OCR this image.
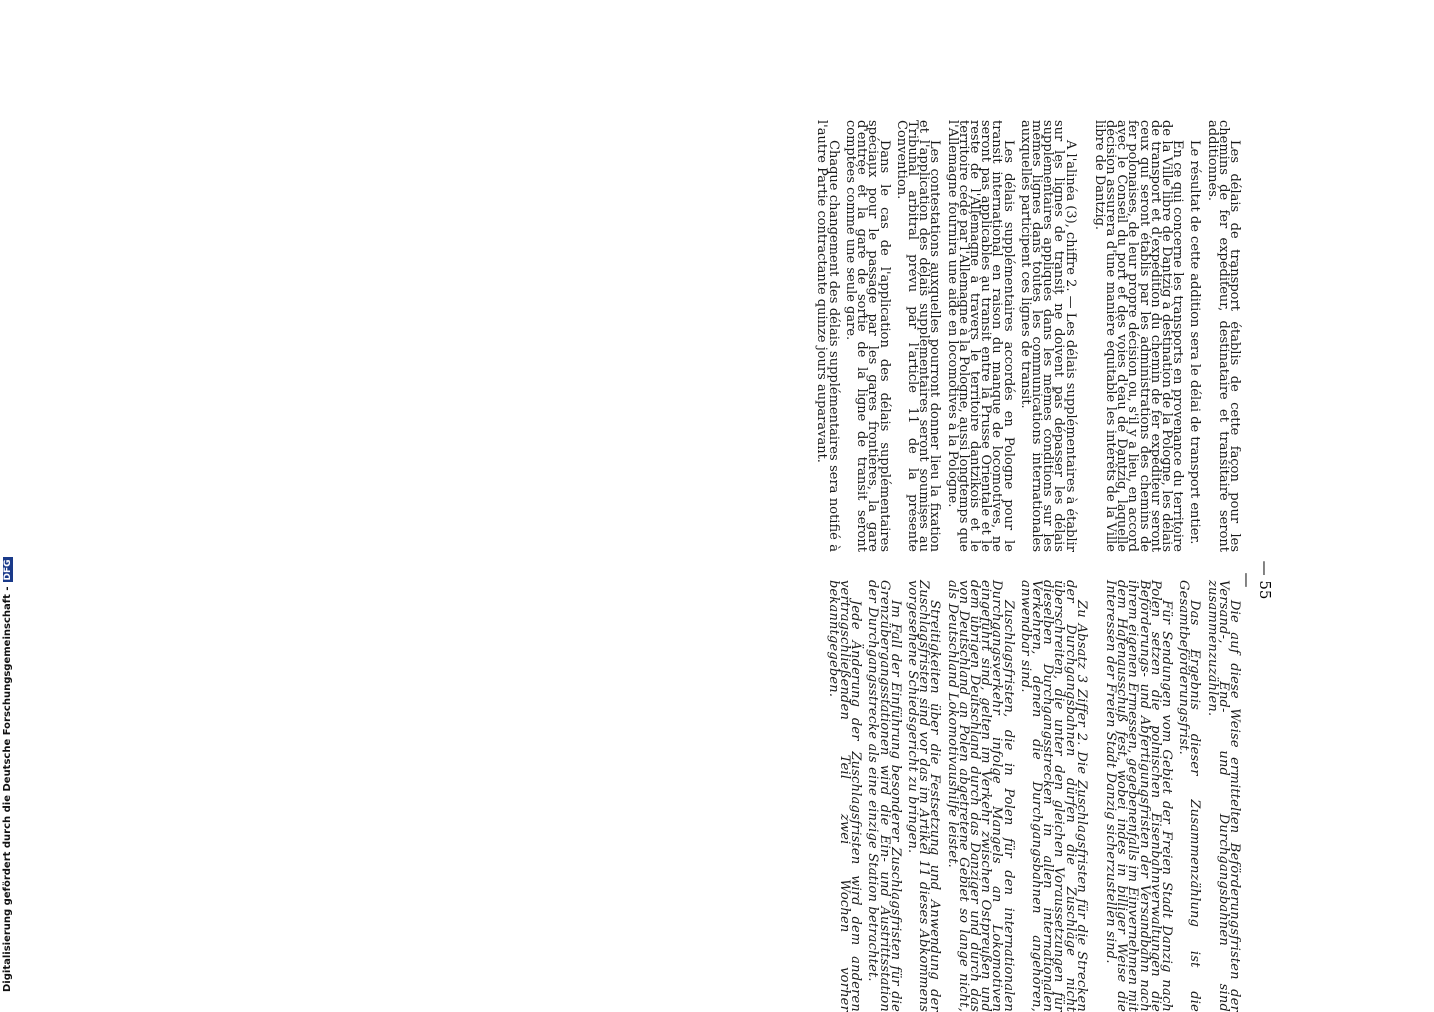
— 55 —

Les délais de transport établis de cette façon pour les chemins de fer expéditeur, destinataire et transitaire seront additionnés.

Le résultat de cette addition sera le délai de transport entier.

En ce qui concerne les transports en provenance du territoire de la Ville libre de Dantzig à destination de la Pologne, les délais de transport et d'expédition du chemin de fer expéditeur seront ceux qui seront établis par les administrations des chemins de fer polonaises, de leur propre décision ou, s'il y a lieu, en accord avec le Conseil du port et des voies d'eau de Dantzig, laquelle décision assurera d'une manière équitable les intérêts de la Ville libre de Dantzig.

A l'alinéa (3), chiffre 2. — Les délais supplémentaires à établir sur les lignes de transit ne doivent pas dépasser les délais supplémentaires appliqués dans les mêmes conditions sur les mêmes lignes dans toutes les communications internationales auxquelles participent ces lignes de transit.

Les délais supplémentaires accordés en Pologne pour le transit international en raison du manque de locomotives, ne seront pas applicables au transit entre la Prusse Orientale et le reste de l'Allemagne à travers le territoire dantzikois et le territoire cédé par l'Allemagne à la Pologne, aussi longtemps que l'Allemagne fournira une aide en locomotives à la Pologne.

Les contestations auxquelles pourront donner lieu la fixation et l'application des délais supplémentaires seront soumises au Tribunal arbitral prévu par l'article 11 de la présente Convention.

Dans le cas de l'application des délais supplémentaires spéciaux pour le passage par les gares frontières, la gare d'entrée et la gare de sortie de la ligne de transit seront comptées comme une seule gare.

Chaque changement des délais supplémentaires sera notifié à l'autre Partie contractante quinze jours auparavant.

Die auf diese Weise ermittelten Beförderungsfristen der Versand-, End- und Durchgangsbahnen sind zusammenzuzählen.

Das Ergebnis dieser Zusammenzählung ist die Gesamtbeförderungsfrist.

Für Sendungen vom Gebiet der Freien Stadt Danzig nach Polen setzen die polnischen Eisenbahnverwaltungen die Beförderungs- und Abfertigungsfristen der Versandbahn nach ihrem eigenen Ermessen, gegebenenfalls im Einvernehmen mit dem Hafenausschuß fest, wobei indes in billiger Weise die Interessen der Freien Stadt Danzig sicherzustellen sind.

Zu Absatz 3 Ziffer 2. Die Zuschlagsfristen für die Strecken der Durchgangsbahnen dürfen die Zuschläge nicht überschreiten, die unter den gleichen Voraussetzungen für dieselben Durchgangsstrecken in allen internationalen Verkehren, denen die Durchgangsbahnen angehören, anwendbar sind.

Zuschlagsfristen, die in Polen für den internationalen Durchgangsverkehr infolge Mangels an Lokomotiven eingeführt sind, gelten im Verkehr zwischen Ostpreußen und dem übrigen Deutschland durch das Danziger und durch das von Deutschland an Polen abgetretene Gebiet so lange nicht, als Deutschland Lokomotivaushilfe leistet.

Streitigkeiten über die Festsetzung und Anwendung der Zuschlagsfristen sind vor das im Artikel 11 dieses Abkommens vorgesehene Schiedsgericht zu bringen.

Im Fall der Einführung besonderer Zuschlagsfristen für die Grenzübergangsstationen wird die Ein- und Austrittsstation der Durchgangsstrecke als eine einzige Station betrachtet.

Jede Änderung der Zuschlagsfristen wird dem anderen vertragschließenden Teil zwei Wochen vorher bekanntgegeben.

Digitalisierung gefördert durch die Deutsche Forschungsgemeinschaft -DFG
